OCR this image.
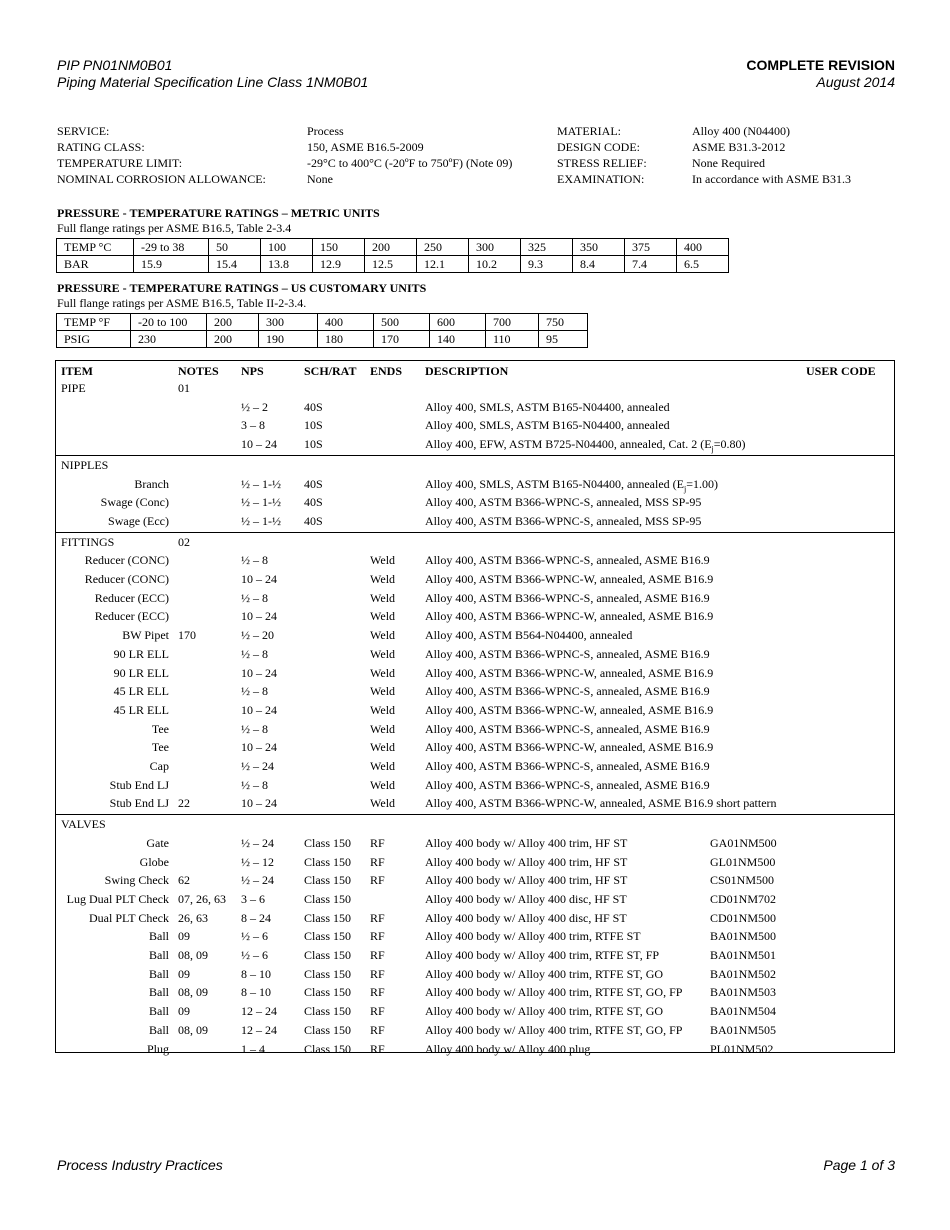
PIP PN01NM0B01
Piping Material Specification Line Class 1NM0B01
COMPLETE REVISION
August 2014
SERVICE:	Process	MATERIAL:	Alloy 400 (N04400)
RATING CLASS:	150, ASME B16.5-2009	DESIGN CODE:	ASME B31.3-2012
TEMPERATURE LIMIT:	-29°C to 400°C (-20ºF to 750ºF) (Note 09)	STRESS RELIEF:	None Required
NOMINAL CORROSION ALLOWANCE:	None	EXAMINATION:	In accordance with ASME B31.3
PRESSURE - TEMPERATURE RATINGS – METRIC UNITS
Full flange ratings per ASME B16.5, Table 2-3.4
TEMP °C	-29 to 38	50	100	150	200	250	300	325	350	375	400
BAR	15.9	15.4	13.8	12.9	12.5	12.1	10.2	9.3	8.4	7.4	6.5
PRESSURE - TEMPERATURE RATINGS – US CUSTOMARY UNITS
Full flange ratings per ASME B16.5, Table II-2-3.4.
TEMP °F	-20 to 100	200	300	400	500	600	700	750
PSIG	230	200	190	180	170	140	110	95
ITEM	NOTES NPS	SCH/RAT ENDS DESCRIPTION	USER CODE
PIPE	01
½ – 2	40S	Alloy 400, SMLS, ASTM B165-N04400, annealed
3 – 8	10S	Alloy 400, SMLS, ASTM B165-N04400, annealed
10 – 24 10S	Alloy 400, EFW, ASTM B725-N04400, annealed, Cat. 2 $(E_j=0.80)$
NIPPLES
Branch	½ – 1-½ 40S	Alloy 400, SMLS, ASTM B165-N04400, annealed $(E_j=1.00)$
Swage (Conc)	½ – 1-½ 40S	Alloy 400, ASTM B366-WPNC-S, annealed, MSS SP-95
Swage (Ecc)	½ – 1-½ 40S	Alloy 400, ASTM B366-WPNC-S, annealed, MSS SP-95
FITTINGS	02
Reducer (CONC)	½ – 8	Weld Alloy 400, ASTM B366-WPNC-S, annealed, ASME B16.9
Reducer (CONC)	10 – 24	Weld Alloy 400, ASTM B366-WPNC-W, annealed, ASME B16.9
Reducer (ECC)	½ – 8	Weld Alloy 400, ASTM B366-WPNC-S, annealed, ASME B16.9
Reducer (ECC)	10 – 24	Weld Alloy 400, ASTM B366-WPNC-W, annealed, ASME B16.9
BW Pipet 170	½ – 20	Weld Alloy 400, ASTM B564-N04400, annealed
90 LR ELL	½ – 8	Weld Alloy 400, ASTM B366-WPNC-S, annealed, ASME B16.9
90 LR ELL	10 – 24	Weld Alloy 400, ASTM B366-WPNC-W, annealed, ASME B16.9
45 LR ELL	½ – 8	Weld Alloy 400, ASTM B366-WPNC-S, annealed, ASME B16.9
45 LR ELL	10 – 24	Weld Alloy 400, ASTM B366-WPNC-W, annealed, ASME B16.9
Tee	½ – 8	Weld Alloy 400, ASTM B366-WPNC-S, annealed, ASME B16.9
Tee	10 – 24	Weld Alloy 400, ASTM B366-WPNC-W, annealed, ASME B16.9
Cap	½ – 24	Weld Alloy 400, ASTM B366-WPNC-S, annealed, ASME B16.9
Stub End LJ	½ – 8	Weld Alloy 400, ASTM B366-WPNC-S, annealed, ASME B16.9
Stub End LJ 22	10 – 24	Weld Alloy 400, ASTM B366-WPNC-W, annealed, ASME B16.9 short pattern
VALVES
Gate	½ – 24	Class 150 RF	Alloy 400 body w/ Alloy 400 trim, HF ST	GA01NM500
Globe	½ – 12	Class 150 RF	Alloy 400 body w/ Alloy 400 trim, HF ST	GL01NM500
Swing Check 62	½ – 24	Class 150 RF	Alloy 400 body w/ Alloy 400 trim, HF ST	CS01NM500
Lug Dual PLT Check 07, 26, 63 3 – 6	Class 150	Alloy 400 body w/ Alloy 400 disc, HF ST	CD01NM702
Dual PLT Check 26, 63	8 – 24	Class 150 RF	Alloy 400 body w/ Alloy 400 disc, HF ST	CD01NM500
Ball 09	½ – 6	Class 150 RF	Alloy 400 body w/ Alloy 400 trim, RTFE ST	BA01NM500
Ball 08, 09	½ – 6	Class 150 RF	Alloy 400 body w/ Alloy 400 trim, RTFE ST, FP	BA01NM501
Ball 09	8 – 10	Class 150 RF	Alloy 400 body w/ Alloy 400 trim, RTFE ST, GO	BA01NM502
Ball 08, 09	8 – 10	Class 150 RF	Alloy 400 body w/ Alloy 400 trim, RTFE ST, GO, FP BA01NM503
Ball 09	12 – 24 Class 150 RF	Alloy 400 body w/ Alloy 400 trim, RTFE ST, GO	BA01NM504
Ball 08, 09	12 – 24 Class 150 RF	Alloy 400 body w/ Alloy 400 trim, RTFE ST, GO, FP BA01NM505
Plug	1 – 4	Class 150 RF	Alloy 400 body w/ Alloy 400 plug	PL01NM502
Process Industry Practices	Page 1 of 3
